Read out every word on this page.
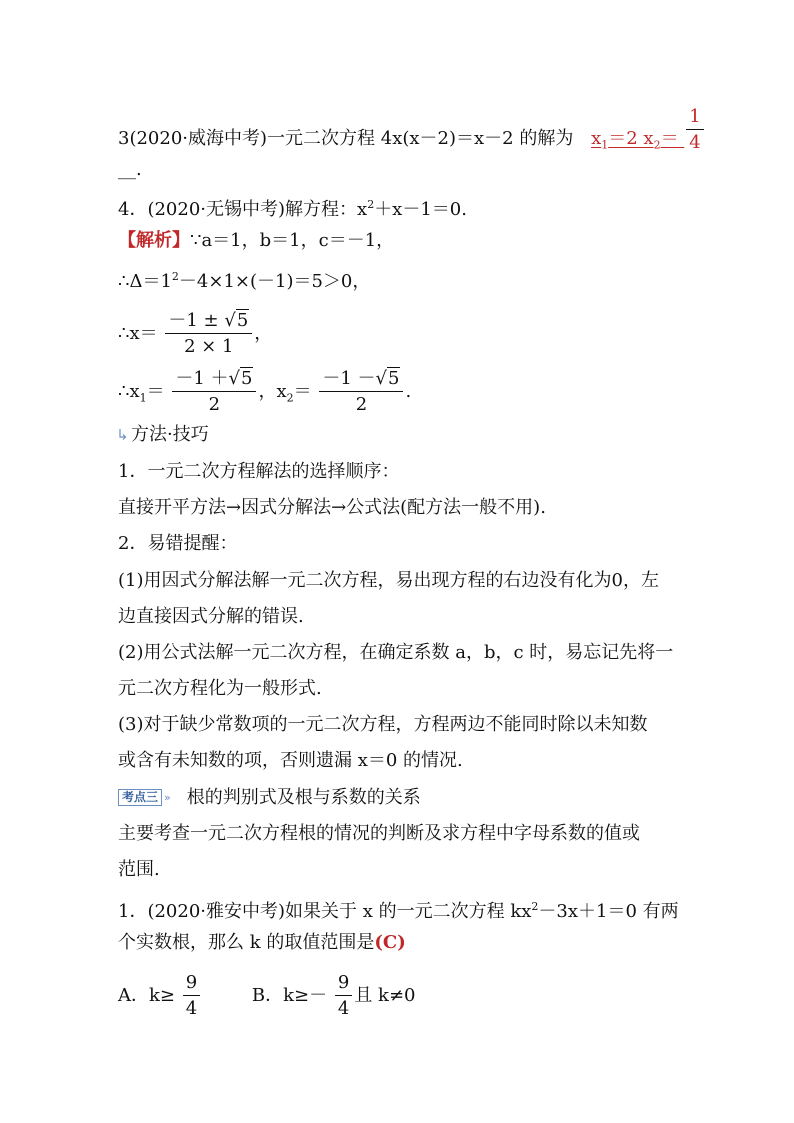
3(2020·威海中考)一元二次方程 4x(x－2)＝x－2 的解为 $x_1=2$ $x_2= \frac{1}{4}$
__.
4．(2020·无锡中考)解方程：$x^2+x-1=0$.
【解析】∵a＝1，b＝1，c＝－1，
$\therefore\Delta=1^2-4\times 1\times(-1)=5>0$，
∴x＝ $\frac{-1 \pm √5}{2 \times 1}$ ，
$\therefore x_1= \frac{-1 +√5}{2}$ ，$x_2= \frac{-1 -√5}{2}$ .
方法·技巧
1．一元二次方程解法的选择顺序：
直接开平方法→因式分解法→公式法(配方法一般不用).
2．易错提醒：
(1)用因式分解法解一元二次方程，易出现方程的右边没有化为0，左
边直接因式分解的错误.
(2)用公式法解一元二次方程，在确定系数 a，b，c 时，易忘记先将一
元二次方程化为一般形式.
(3)对于缺少常数项的一元二次方程，方程两边不能同时除以未知数
或含有未知数的项，否则遗漏 x＝0 的情况.
考点三 » 根的判别式及根与系数的关系
主要考查一元二次方程根的情况的判断及求方程中字母系数的值或
范围.
1．(2020·雅安中考)如果关于 x 的一元二次方程 $kx^2-3x+1=0$ 有两
个实数根，那么 k 的取值范围是(C)
A．$k\ge \frac{9}{4}$	B．$k\ge- \frac{9}{4}$ 且 k≠0
